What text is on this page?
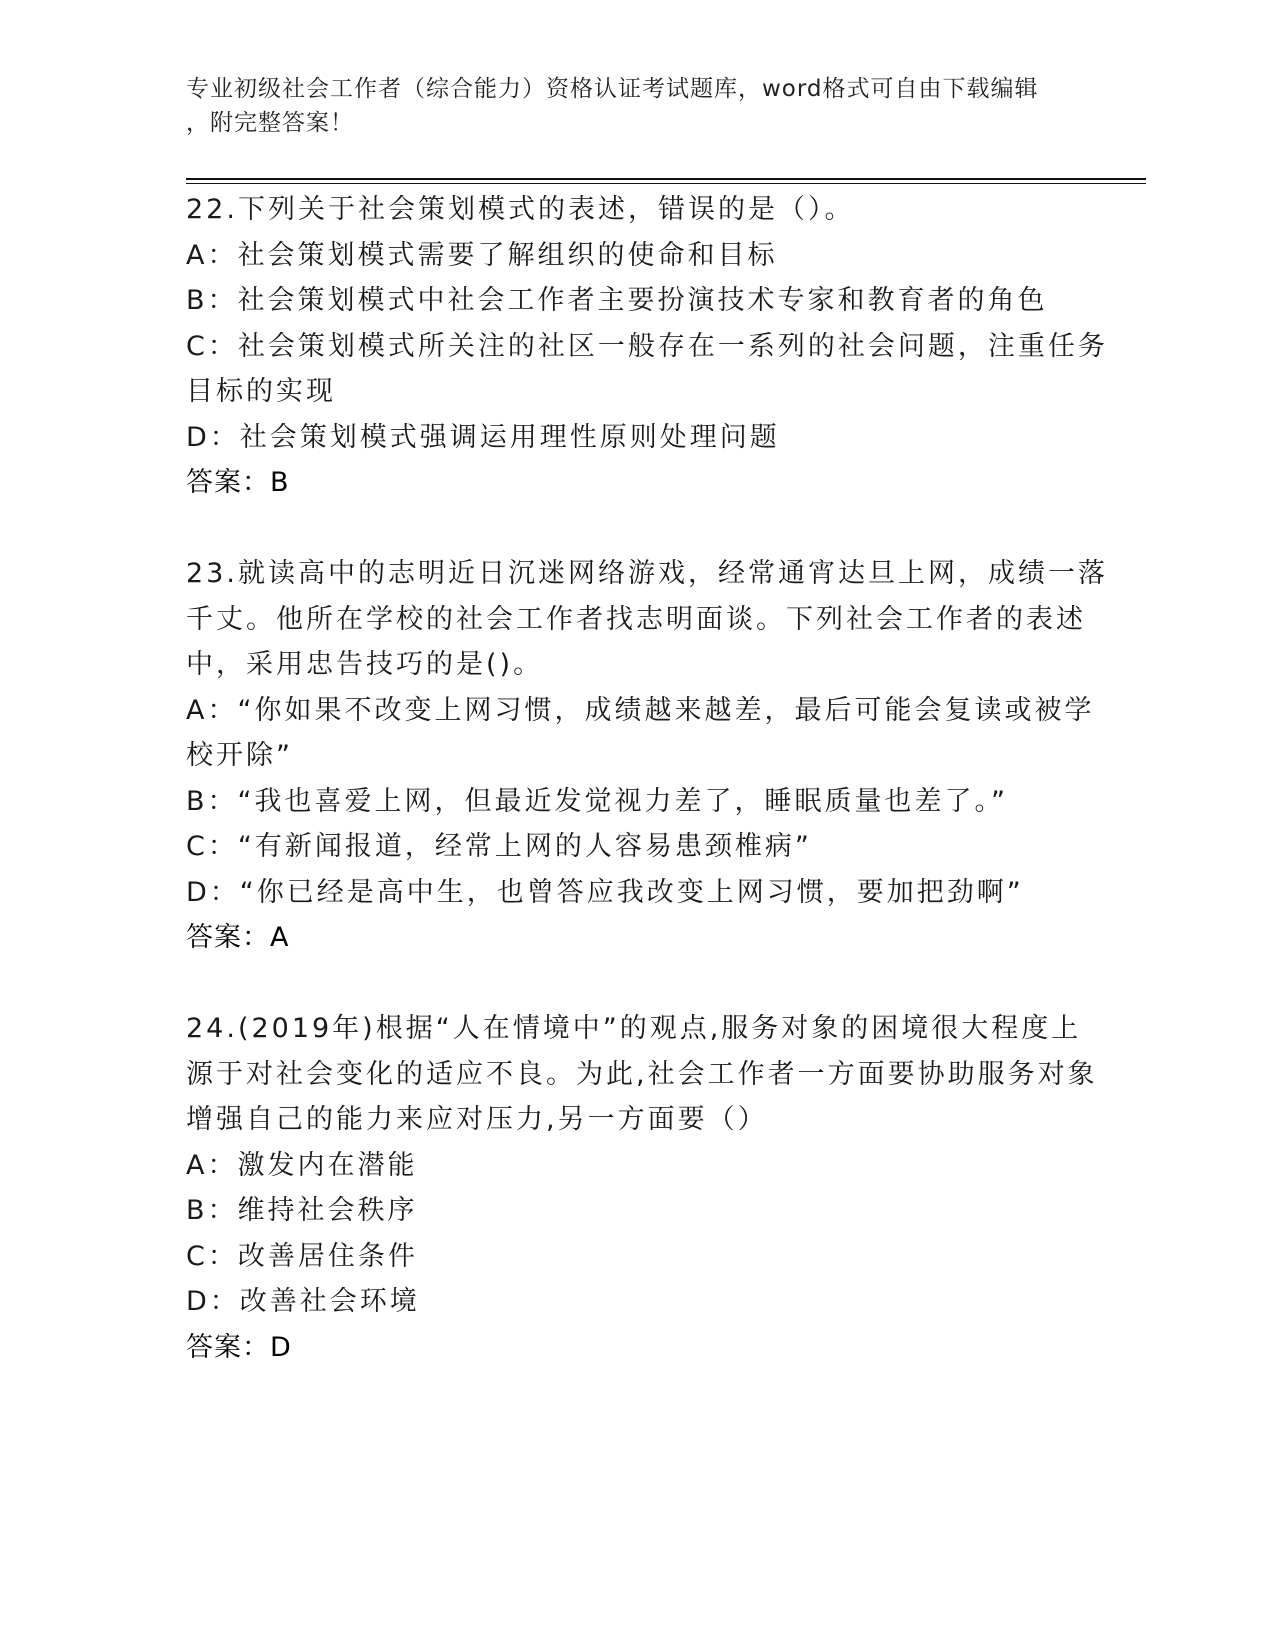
专业初级社会工作者（综合能力）资格认证考试题库，word格式可自由下载编辑
，附完整答案！
22.下列关于社会策划模式的表述，错误的是（）。
A：社会策划模式需要了解组织的使命和目标
B：社会策划模式中社会工作者主要扮演技术专家和教育者的角色
C：社会策划模式所关注的社区一般存在一系列的社会问题，注重任务
目标的实现
D：社会策划模式强调运用理性原则处理问题
答案：B
23.就读高中的志明近日沉迷网络游戏，经常通宵达旦上网，成绩一落
千丈。他所在学校的社会工作者找志明面谈。下列社会工作者的表述
中，采用忠告技巧的是()。
A：“你如果不改变上网习惯，成绩越来越差，最后可能会复读或被学
校开除”
B：“我也喜爱上网，但最近发觉视力差了，睡眠质量也差了。”
C：“有新闻报道，经常上网的人容易患颈椎病”
D：“你已经是高中生，也曾答应我改变上网习惯，要加把劲啊”
答案：A
24.(2019年)根据“人在情境中”的观点,服务对象的困境很大程度上
源于对社会变化的适应不良。为此,社会工作者一方面要协助服务对象
增强自己的能力来应对压力,另一方面要（）
A：激发内在潜能
B：维持社会秩序
C：改善居住条件
D：改善社会环境
答案：D
